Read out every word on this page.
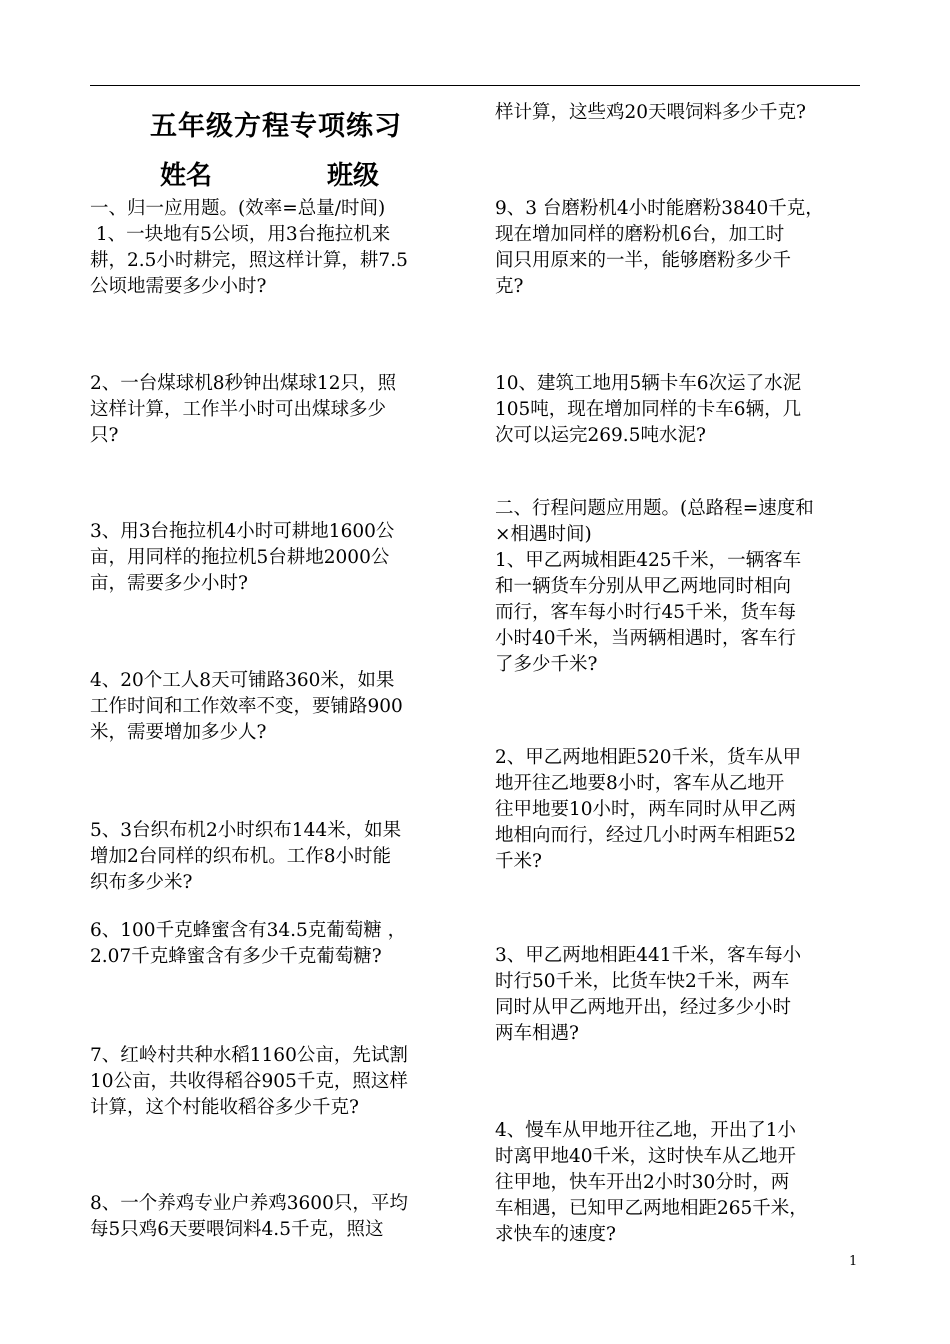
五年级方程专项练习
姓名	班级
一、归一应用题。(效率=总量/时间)
1、一块地有5公顷，用3台拖拉机来
耕，2.5小时耕完，照这样计算，耕7.5
公顷地需要多少小时?
2、一台煤球机8秒钟出煤球12只，照
这样计算，工作半小时可出煤球多少
只?
3、用3台拖拉机4小时可耕地1600公
亩，用同样的拖拉机5台耕地2000公
亩，需要多少小时?
4、20个工人8天可铺路360米，如果
工作时间和工作效率不变，要铺路900
米，需要增加多少人?
5、3台织布机2小时织布144米，如果
增加2台同样的织布机。工作8小时能
织布多少米?
6、100千克蜂蜜含有34.5克葡萄糖 ，
2.07千克蜂蜜含有多少千克葡萄糖?
7、红岭村共种水稻1160公亩，先试割
10公亩，共收得稻谷905千克，照这样
计算，这个村能收稻谷多少千克?
8、一个养鸡专业户养鸡3600只，平均
每5只鸡6天要喂饲料4.5千克，照这
样计算，这些鸡20天喂饲料多少千克?
9、3 台磨粉机4小时能磨粉3840千克，
现在增加同样的磨粉机6台，加工时
间只用原来的一半，能够磨粉多少千
克?
10、建筑工地用5辆卡车6次运了水泥
105吨，现在增加同样的卡车6辆，几
次可以运完269.5吨水泥?
二、行程问题应用题。(总路程=速度和
×相遇时间)
1、甲乙两城相距425千米，一辆客车
和一辆货车分别从甲乙两地同时相向
而行，客车每小时行45千米，货车每
小时40千米，当两辆相遇时，客车行
了多少千米?
2、甲乙两地相距520千米，货车从甲
地开往乙地要8小时，客车从乙地开
往甲地要10小时，两车同时从甲乙两
地相向而行，经过几小时两车相距52
千米?
3、甲乙两地相距441千米，客车每小
时行50千米，比货车快2千米，两车
同时从甲乙两地开出，经过多少小时
两车相遇?
4、慢车从甲地开往乙地，开出了1小
时离甲地40千米，这时快车从乙地开
往甲地，快车开出2小时30分时，两
车相遇，已知甲乙两地相距265千米，
求快车的速度?
1
